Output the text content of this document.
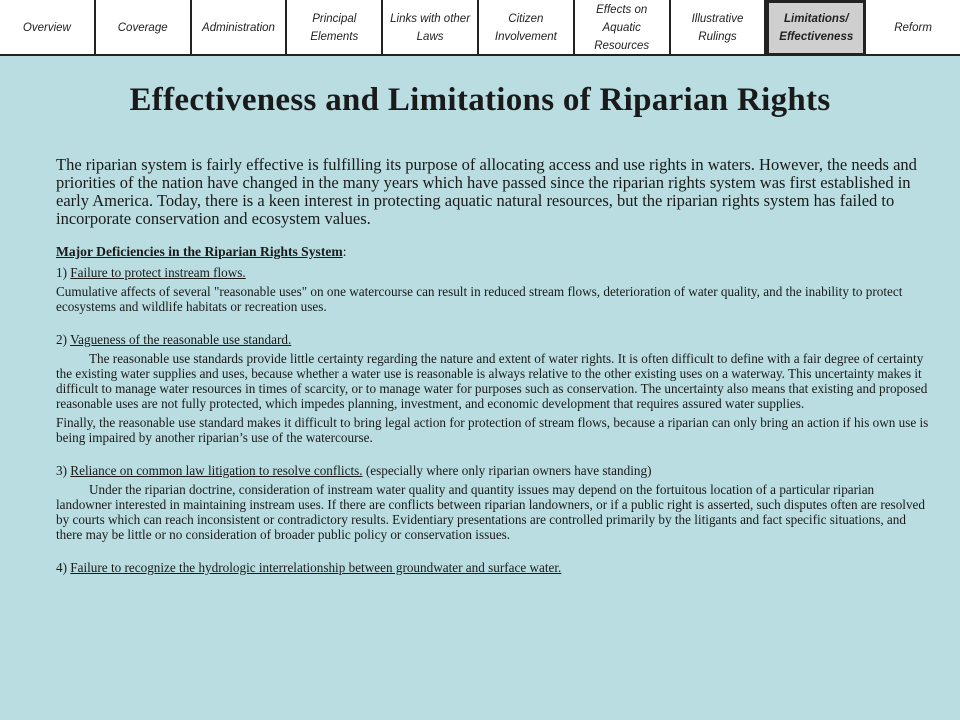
Overview	Coverage	Administration
Principal Elements
Links with other Laws
Citizen Involvement
Effects on Aquatic Resources
Illustrative Rulings
Limitations/ Effectiveness
Reform
Effectiveness and Limitations of Riparian Rights

The riparian system is fairly effective is fulfilling its purpose of allocating access and use rights in waters. However, the needs and priorities of the nation have changed in the many years which have passed since the riparian rights system was first established in early America. Today, there is a keen interest in protecting aquatic natural resources, but the riparian rights system has failed to incorporate conservation and ecosystem values.

Major Deficiencies in the Riparian Rights System:

1) Failure to protect instream flows.

Cumulative affects of several "reasonable uses" on one watercourse can result in reduced stream flows, deterioration of water quality, and the inability to protect ecosystems and wildlife habitats or recreation uses.

2) Vagueness of the reasonable use standard.

The reasonable use standards provide little certainty regarding the nature and extent of water rights. It is often difficult to define with a fair degree of certainty the existing water supplies and uses, because whether a water use is reasonable is always relative to the other existing uses on a waterway. This uncertainty makes it difficult to manage water resources in times of scarcity, or to manage water for purposes such as conservation. The uncertainty also means that existing and proposed reasonable uses are not fully protected, which impedes planning, investment, and economic development that requires assured water supplies.

Finally, the reasonable use standard makes it difficult to bring legal action for protection of stream flows, because a riparian can only bring an action if his own use is being impaired by another riparian’s use of the watercourse.

3) Reliance on common law litigation to resolve conflicts. (especially where only riparian owners have standing)

Under the riparian doctrine, consideration of instream water quality and quantity issues may depend on the fortuitous location of a particular riparian landowner interested in maintaining instream uses. If there are conflicts between riparian landowners, or if a public right is asserted, such disputes often are resolved by courts which can reach inconsistent or contradictory results. Evidentiary presentations are controlled primarily by the litigants and fact specific situations, and there may be little or no consideration of broader public policy or conservation issues.

4) Failure to recognize the hydrologic interrelationship between groundwater and surface water.
